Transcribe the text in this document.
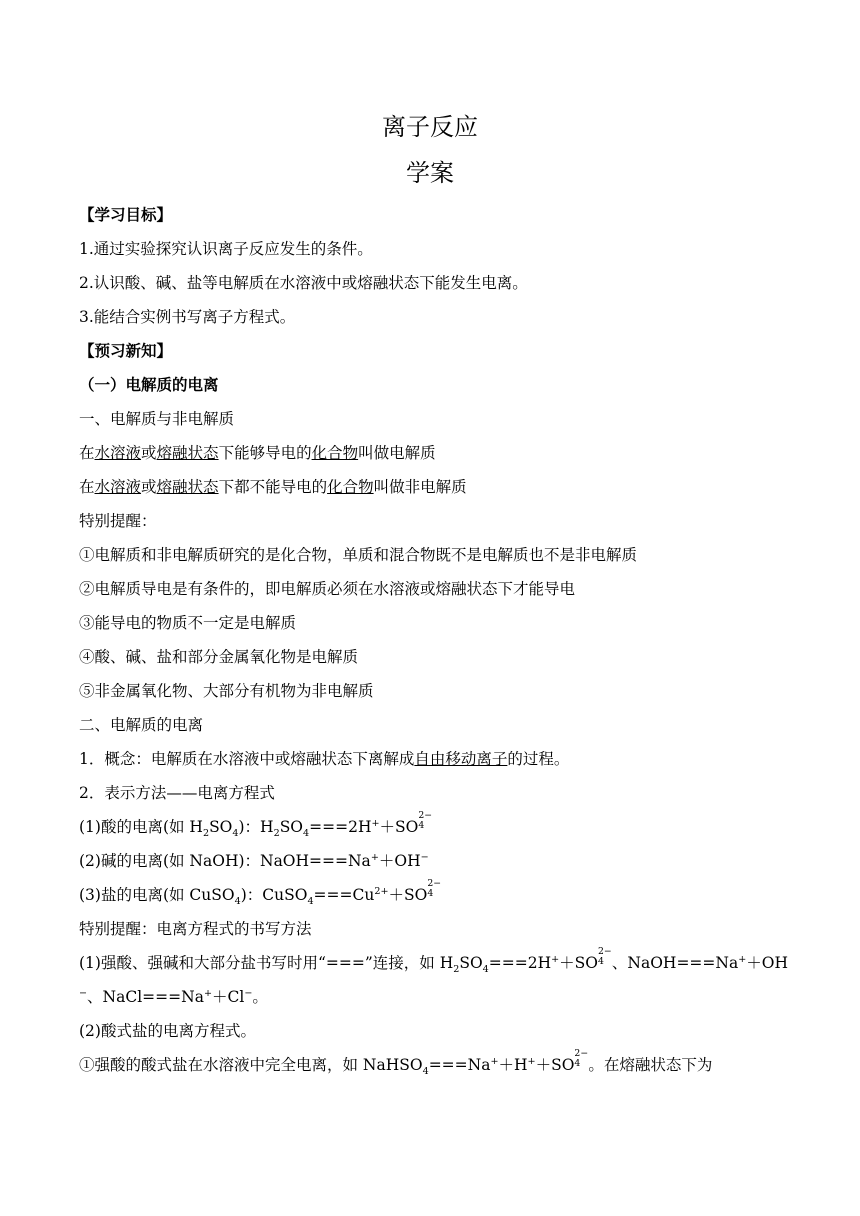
离子反应
学案
【学习目标】
1.通过实验探究认识离子反应发生的条件。
2.认识酸、碱、盐等电解质在水溶液中或熔融状态下能发生电离。
3.能结合实例书写离子方程式。
【预习新知】
（一）电解质的电离
一、电解质与非电解质
在水溶液或熔融状态下能够导电的化合物叫做电解质
在水溶液或熔融状态下都不能导电的化合物叫做非电解质
特别提醒：
①电解质和非电解质研究的是化合物，单质和混合物既不是电解质也不是非电解质
②电解质导电是有条件的，即电解质必须在水溶液或熔融状态下才能导电
③能导电的物质不一定是电解质
④酸、碱、盐和部分金属氧化物是电解质
⑤非金属氧化物、大部分有机物为非电解质
二、电解质的电离
1．概念：电解质在水溶液中或熔融状态下离解成自由移动离子的过程。
2．表示方法——电离方程式
(1)酸的电离(如 $H_2SO_4$)：$H_2SO_4===2H^++SO$
2−
4
(2)碱的电离(如 NaOH)：NaOH===Na+＋OH−
(3)盐的电离(如 CuSO$_4$)：$CuSO_4===Cu^{2+}+SO$
2−
4
特别提醒：电离方程式的书写方法
(1)强酸、强碱和大部分盐书写时用“===”连接，如 $H_2SO_4===2H^++SO$
2−
4 、NaOH===Na+＋OH
−、NaCl===Na+＋Cl−。
(2)酸式盐的电离方程式。
①强酸的酸式盐在水溶液中完全电离，如 NaHSO$_4$===Na+＋H+＋SO
2−
4 。在熔融状态下为
